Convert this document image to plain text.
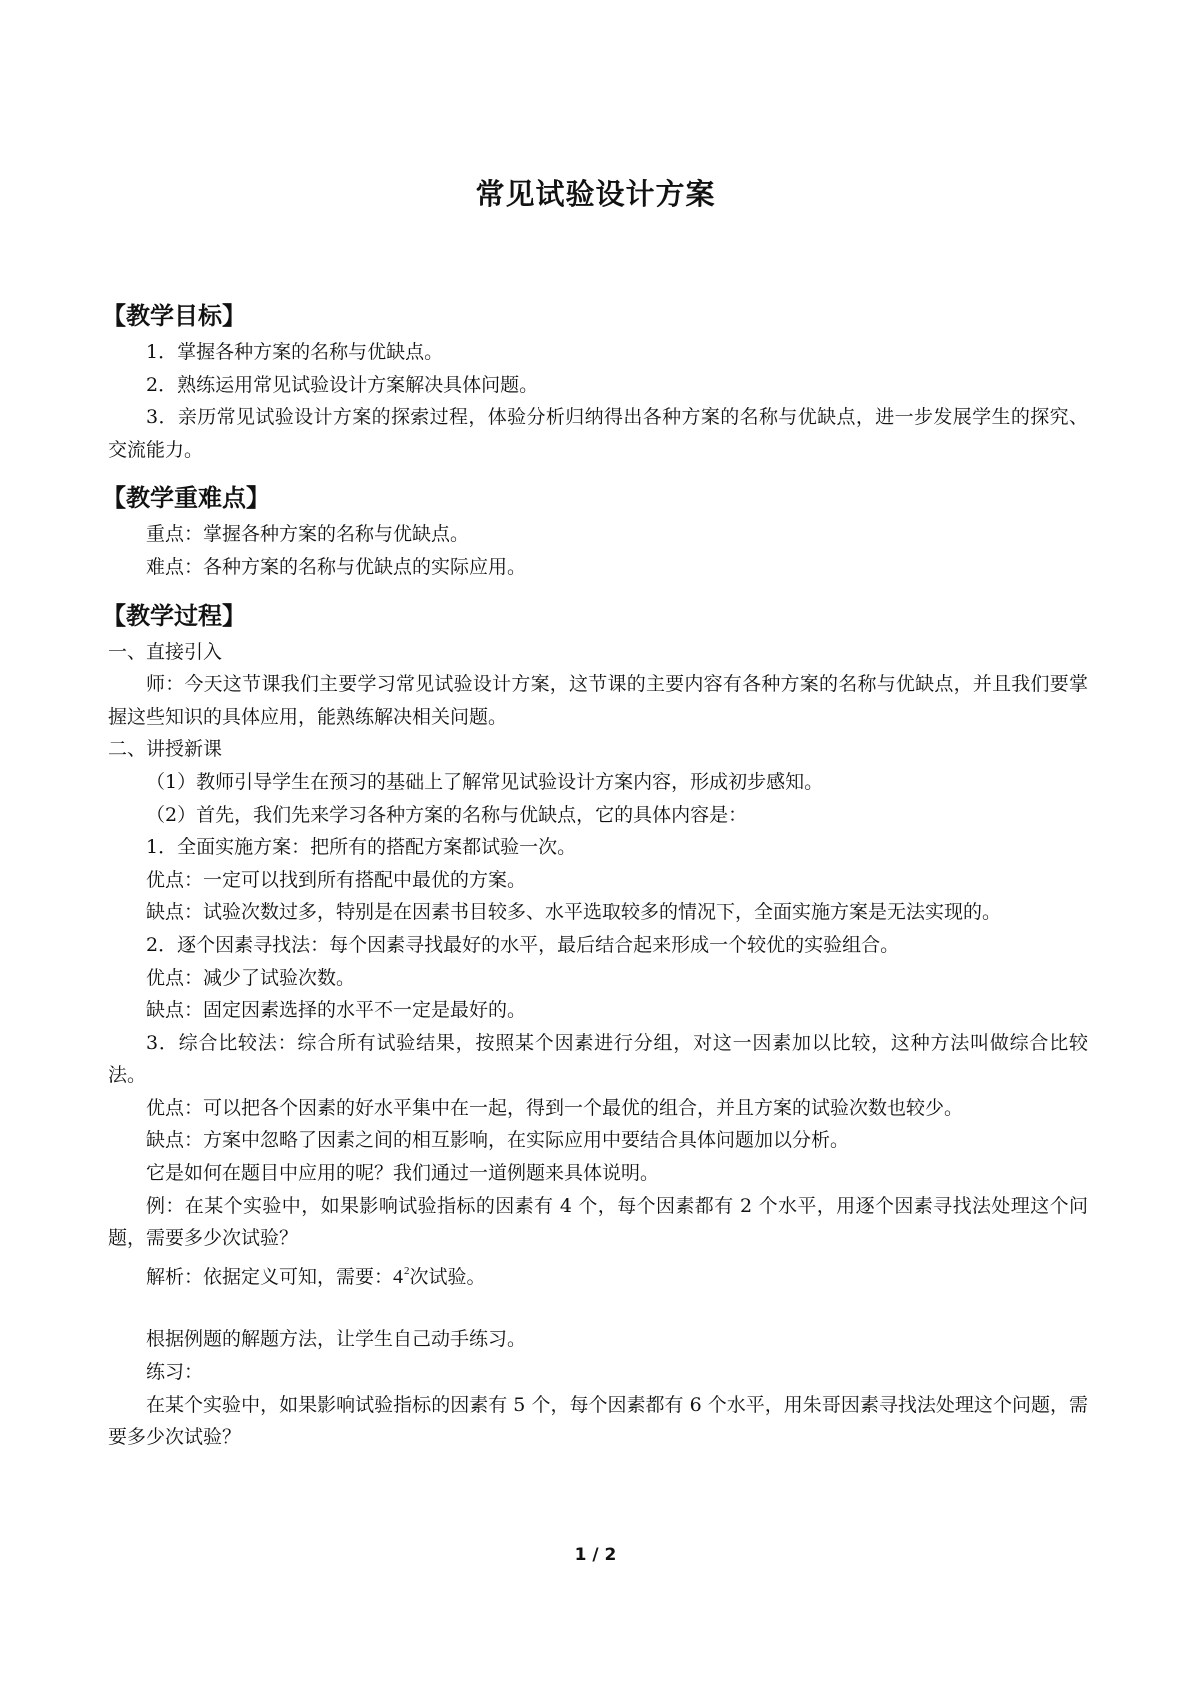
常见试验设计方案
【教学目标】

1．掌握各种方案的名称与优缺点。

2．熟练运用常见试验设计方案解决具体问题。

3．亲历常见试验设计方案的探索过程，体验分析归纳得出各种方案的名称与优缺点，进一步发展学生的探究、交流能力。

【教学重难点】

重点：掌握各种方案的名称与优缺点。

难点：各种方案的名称与优缺点的实际应用。

【教学过程】

一、直接引入

师：今天这节课我们主要学习常见试验设计方案，这节课的主要内容有各种方案的名称与优缺点，并且我们要掌握这些知识的具体应用，能熟练解决相关问题。

二、讲授新课

（1）教师引导学生在预习的基础上了解常见试验设计方案内容，形成初步感知。

（2）首先，我们先来学习各种方案的名称与优缺点，它的具体内容是：

1．全面实施方案：把所有的搭配方案都试验一次。

优点：一定可以找到所有搭配中最优的方案。

缺点：试验次数过多，特别是在因素书目较多、水平选取较多的情况下，全面实施方案是无法实现的。

2．逐个因素寻找法：每个因素寻找最好的水平，最后结合起来形成一个较优的实验组合。

优点：减少了试验次数。

缺点：固定因素选择的水平不一定是最好的。

3．综合比较法：综合所有试验结果，按照某个因素进行分组，对这一因素加以比较，这种方法叫做综合比较法。

优点：可以把各个因素的好水平集中在一起，得到一个最优的组合，并且方案的试验次数也较少。

缺点：方案中忽略了因素之间的相互影响，在实际应用中要结合具体问题加以分析。

它是如何在题目中应用的呢？我们通过一道例题来具体说明。

例：在某个实验中，如果影响试验指标的因素有 4 个，每个因素都有 2 个水平，用逐个因素寻找法处理这个问题，需要多少次试验？

解析：依据定义可知，需要：$4^2$次试验。

根据例题的解题方法，让学生自己动手练习。

练习：

在某个实验中，如果影响试验指标的因素有 5 个，每个因素都有 6 个水平，用朱哥因素寻找法处理这个问题，需要多少次试验？

1 / 2
